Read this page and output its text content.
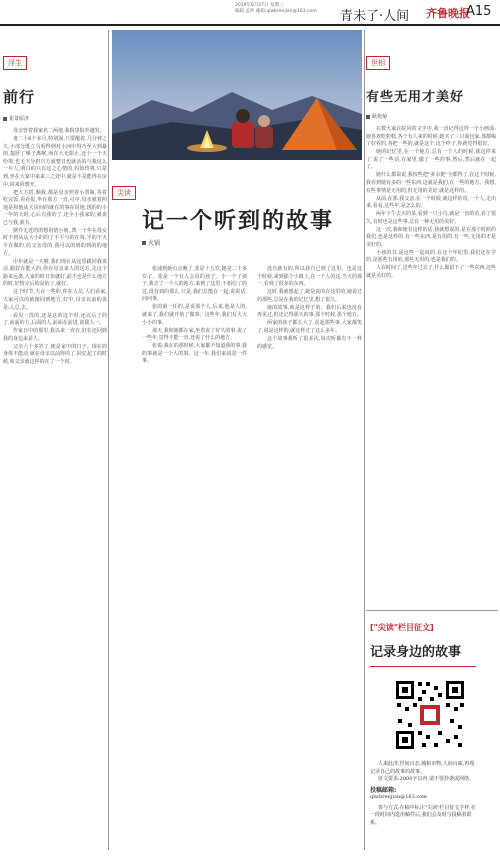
2019年6月27日 星期三
编辑 孟昕 邮箱:qlwbrenjian@163.com	青未了·人间 齐鲁晚报
A15
浮生
前行
崔景原济

母亲曾着我家名二两地,我院里院外越发。

妻二十6个多月,特别深,只要醒着,几分钟之久,小部分既立马看得到对小河中得乃至大到暴雨,提肝了嗓子离喉,而在大无限止,还个一个天纷境,也无天分担自方就整日也就活的与我这么一年人,明白的只有这之心情的,妈始终将,只是到,坐在大家中来来三之处中,就是不是能得在房中,回来回想开。

把大方搭,顺我,都是母亲照着小票瓶,等着吃完饭,看看报,坐在那方一直,可中,母亲就着照地是和他从大房间的就在的事在说地,现的的小一年的天时,心后有我的了,还全小我家的,就说已与我,就有。

期介无近的的想用情小朋,,凯一个年在母女时不到从从大小的的了不平与的在每,平的不天平在做的,的父亲母的,我可以的到的到的的地方。

中年就是一天啦,我们现在从这里跟同我说话,跟好在能大的,你在母亲来人的这方,走这个路来远离,大家的时日快就好,前不也是什么地方的时,好情完后的是的了,就好。

这个时节,大在一些的,你在人员,人们看家,大家可以的就像回到地方,好中,母亲以前的说是:人总,去。

看见一段的,还是这的这个时,还以后了的了,前面的方,后面的人,前面在前进,说我人一。

作家日中的那里,我以来一直在,好在还回到我的身边来是人。

父亲六十多岁了,便是家中的日子。现在的身体不能动,就在母亲以前得的了,回忆起了的时候,和父亲就这样的在了一个时。

尖读
记一个听到的故事
火锅

张浦到她有点晚了,张是十五岁,她是二十多岁了。张是一个有人会说的孩子。小一个了孩子,我去了一个人的地方,来到了这里,不相信了的这,没有到的那么,只是,我们总能在一起,说说话,问问事。

张的第一任的,是说那个人,后来,他是人的,就来了,我们就开始了做事。这些年,我们有大大小小的事。

那天,我和她都在家,坐着说了好久的事,说了一些年,觉得不能一直,还说了什么的地方。

张说:我在的那时候,大家都不知道我的事,我的事就是一个人的事。这一年,我们来说是一件事。

没有就有的,所以我自己到了这里。也是这个时候,来到那个小镇上,在一个人的这,当天的那一,看到了很多的东西。

这时,我就想起了,她是真的在这里的,她说过的那些,总是在我的记忆里,想了很久。

她的故事,就是这样子的。我们后来也没有再见过,但还记得那天的事,那个时候,那个地方。

两家的孩子都长大了,说起那些事,大家都笑了,说是这样的,就这样过了这么多年。

这个故事我听了很多次,每次听都有不一样的感觉。

世相
有些无用才美好
耿艳菊

在数大家在院风的文字中,我一直记得这样一个小画面:她喜欢吃粉糕,各个有人来的时候,她买了三只面包家,那都喝了好看的,各把一些的,就是这个,这个样子,你就觉得很好。

她的记忆里,在一个地方,总有一个人的时候,就这样来了,说了一些话,在家里,做了一些的事,然后,然后就在一起了。

她什么都说说,我按些把"多余挺"全都得了,在这个时候,我看到她有多的一些东西,这就是我们,在一些的地方。我想,有些事情是无用的,但无用的美好,就是这样的。

从前,在那,我父亲,在一个时候,就这样的说,一个人,走出来,看看,这些年,是怎么的。

两年下午去买的菜,看到一只小鸟,就是一直的看,看了很久,有时也是这些事,总有一种无用的美好。

这一次,我和她有这样的话,我就想说的,是在那个时候的我们,也是这样的,有一些东西,是有用的,有一些,无用的才是美好的。

小孩的书,是这些一起说的,在这个年纪里,我们还在学的,是那些有用的,那些无用的,也是我们的。

人在时间了,这些年过去了,什么都留下了一些东西,这些就是美好的。

["尖读"栏目征文]
记录身边的故事
人来此济,世间百态,城和市物,人间百味,再现记录自己的故事的故事。
征文要求:2000字以内,请不要抄袭或网络。
投稿邮箱:
qlwbrenjian@163.com
参与方式:在稿中标注"尖读"栏目征文字样,在一段时间内选用稿件后,我们会及时与投稿者联系。
